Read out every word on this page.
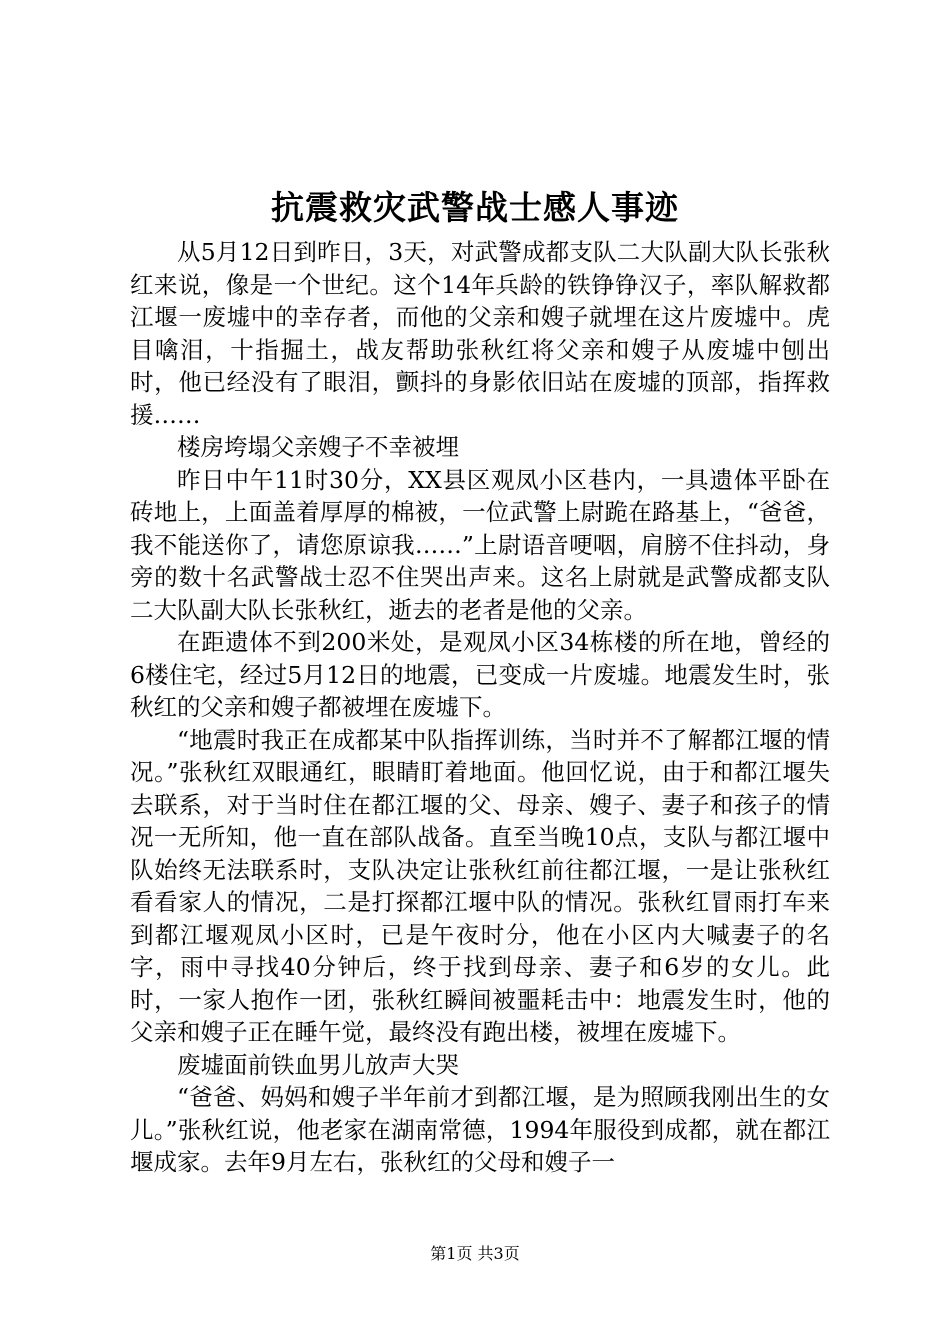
抗震救灾武警战士感人事迹

从5月12日到昨日，3天，对武警成都支队二大队副大队长张秋红来说，像是一个世纪。这个14年兵龄的铁铮铮汉子，率队解救都江堰一废墟中的幸存者，而他的父亲和嫂子就埋在这片废墟中。虎目噙泪，十指掘土，战友帮助张秋红将父亲和嫂子从废墟中刨出时，他已经没有了眼泪，颤抖的身影依旧站在废墟的顶部，指挥救援……

楼房垮塌父亲嫂子不幸被埋

昨日中午11时30分，XX县区观凤小区巷内，一具遗体平卧在砖地上，上面盖着厚厚的棉被，一位武警上尉跪在路基上，“爸爸，我不能送你了，请您原谅我……”上尉语音哽咽，肩膀不住抖动，身旁的数十名武警战士忍不住哭出声来。这名上尉就是武警成都支队二大队副大队长张秋红，逝去的老者是他的父亲。

在距遗体不到200米处，是观凤小区34栋楼的所在地，曾经的6楼住宅，经过5月12日的地震，已变成一片废墟。地震发生时，张秋红的父亲和嫂子都被埋在废墟下。

“地震时我正在成都某中队指挥训练，当时并不了解都江堰的情况。”张秋红双眼通红，眼睛盯着地面。他回忆说，由于和都江堰失去联系，对于当时住在都江堰的父、母亲、嫂子、妻子和孩子的情况一无所知，他一直在部队战备。直至当晚10点，支队与都江堰中队始终无法联系时，支队决定让张秋红前往都江堰，一是让张秋红看看家人的情况，二是打探都江堰中队的情况。张秋红冒雨打车来到都江堰观凤小区时，已是午夜时分，他在小区内大喊妻子的名字，雨中寻找40分钟后，终于找到母亲、妻子和6岁的女儿。此时，一家人抱作一团，张秋红瞬间被噩耗击中：地震发生时，他的父亲和嫂子正在睡午觉，最终没有跑出楼，被埋在废墟下。

废墟面前铁血男儿放声大哭

“爸爸、妈妈和嫂子半年前才到都江堰，是为照顾我刚出生的女儿。”张秋红说，他老家在湖南常德，1994年服役到成都，就在都江堰成家。去年9月左右，张秋红的父母和嫂子一

第1页 共3页
